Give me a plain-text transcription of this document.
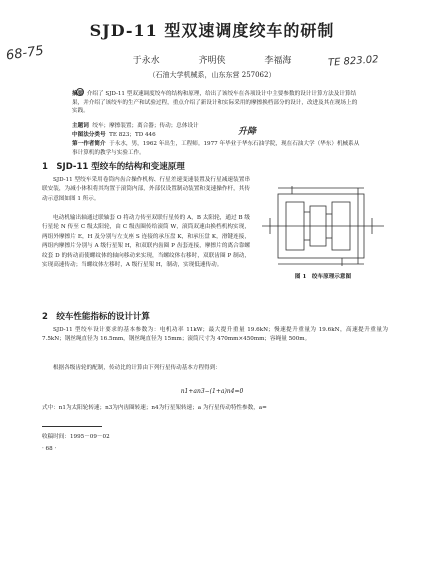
68-75	TE 823.02
升降
SJD-11 型双速调度绞车的研制
于永水	齐明侠	李福海
（石油大学机械系，山东东营 257062）
摘要 介绍了 SJD-11 型双速调度绞车的结构和原理，给出了该绞车在各项设计中主要参数的设计计算方法及计算结果，并介绍了该绞车的生产和试验过程，重点介绍了新设计和实际采用的摩擦换档部分的设计，改进及其在现场上的实践。
主题词 绞车；摩擦装置；离合器；传动；总体设计
中图法分类号 TE 823；TD 446
第一作者简介 于永水，男，1962 年出生，工程师。1977 年毕业于华东石油学院，现在石油大学（华东）机械系从事计算机的教学与实验工作。
1　SJD-11 型绞车的结构和变速原理
SJD-11 型绞车采用卷筒内齿合操作机构、行星差速变速装置及行星减速装置串联安装，为减小体积将其均置于滚筒内部，外部仅设置制动装置和变速操作杆，其传动示意图如图 1 所示。
电动机输出轴通过联轴套 O 将动力传至双联行星传的 A，B 太阳轮，通过 B 级行星轮 N 传至 C 级太阳轮，由 C 级齿圈传给滚筒 W，滚筒双速由换档机构实现，两组外摩擦片 E，H 及分别与左支座 S 连接的承压盘 K，和承压盘 K，滑键连接，两组内摩擦片分别与 A 级行星架 H，和双联内齿圈 P 齿套连接，摩擦片的离合靠螺纹套 D 的转动而使螺纹体的轴向移动来实现，当螺纹体右移时，双联齿圈 P 制动，实现高速传动；当螺纹体左移时，A 级行星架 H，制动，实现低速传动。
图 1　绞车原理示意图
2　绞车性能指标的设计计算
SJD-11 型绞车设计要求的基本参数为：电机功率 11kW；最大提升重量 19.6kN；慢速提升重量为 19.6kN，高速提升重量为 7.5kN；钢丝绳直径为 16.5mm，钢丝绳直径为 15mm；滚筒尺寸为 470mm×450mm；容绳量 500m。
根据各级齿轮的配制，传动比的计算由下列行星传动基本方程得到：
n1+an3−(1+a)n4=0
式中：n1为太阳轮转速；n3为内齿圈转速；n4为行星架转速；a 为行星传动特性参数，a=
收稿时间：1995－09－02
· 68 ·
